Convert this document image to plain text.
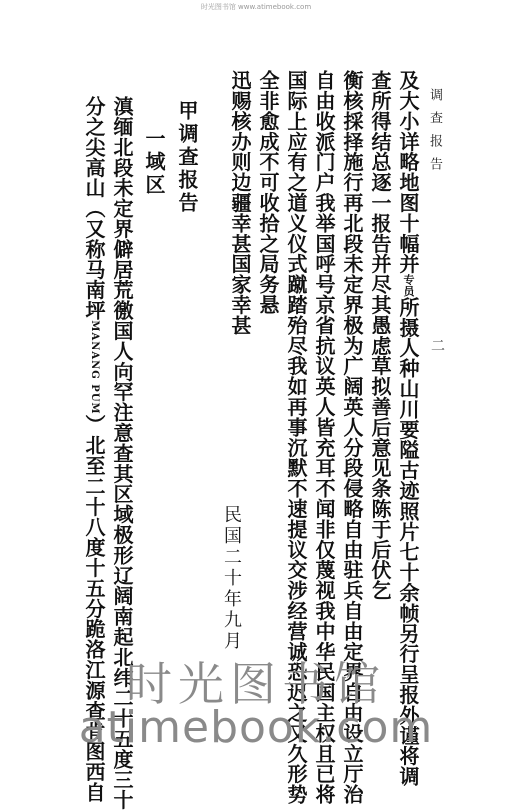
时光图书馆 www.atimebook.com
调查报告
二
及大小详略地图十幅并专员所摄人种山川要隘古迹照片七十余帧另行呈报外谨将调
查所得结总逐一报告并尽其愚虑草拟善后意见条陈于后伏乞
衡核採择施行再北段未定界极为广阔英人分段侵略自由驻兵自由定界自由设立厅治
自由收派门户我举国呼号京省抗议英人皆充耳不闻非仅蔑视我中华民国主权且已将
国际上应有之道义仪式蹴踏殆尽我如再事沉默不速提议交涉经营诚恐迟之又久形势
全非愈成不可收拾之局务悬
迅赐核办则边疆幸甚国家幸甚
民国二十年九月
甲调查报告
一域区
滇缅北段未定界僻居荒徼国人向罕注意查其区域极形辽阔南起北纬二十五度三十
分之尖高山（又称马南坪MANANG PUM）北至二十八度十五分跪洛江源查肯图西自 时光图书馆
atimebook.com
